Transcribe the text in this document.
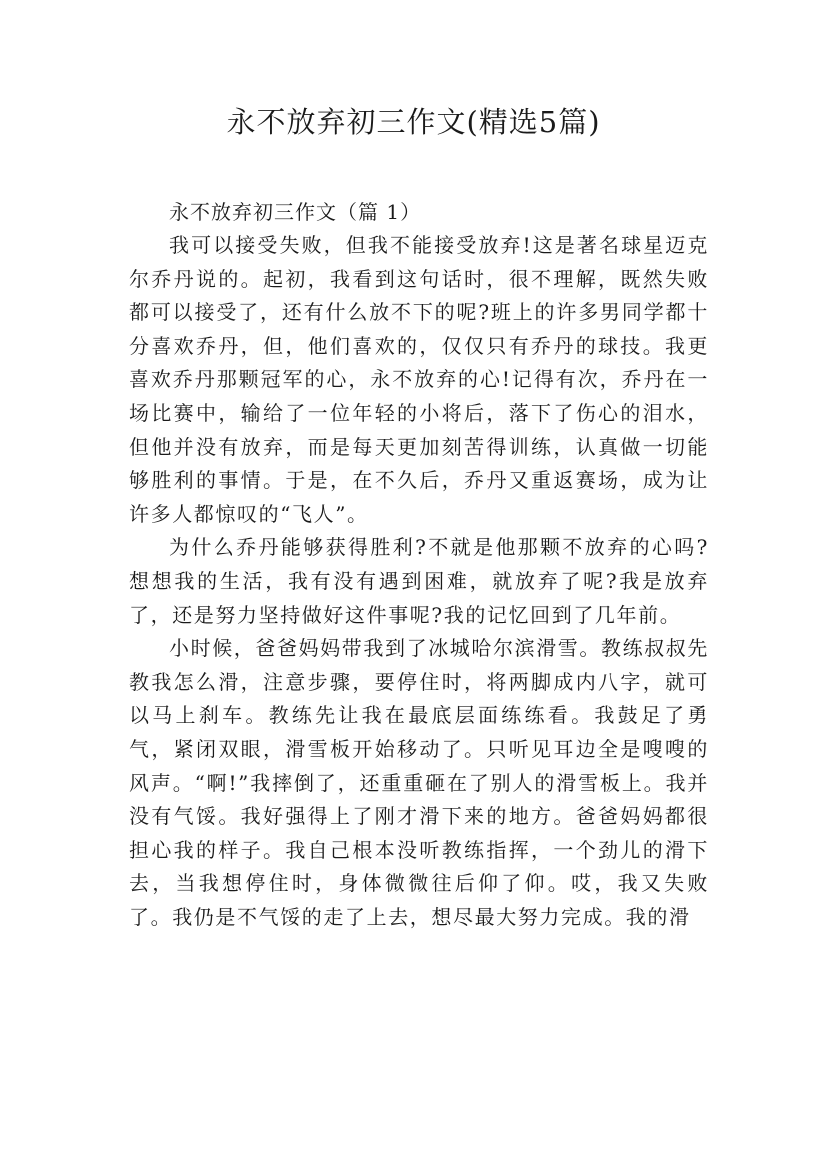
永不放弃初三作文(精选5篇)
永不放弃初三作文（篇 1）

我可以接受失败，但我不能接受放弃!这是著名球星迈克尔乔丹说的。起初，我看到这句话时，很不理解，既然失败都可以接受了，还有什么放不下的呢?班上的许多男同学都十分喜欢乔丹，但，他们喜欢的，仅仅只有乔丹的球技。我更喜欢乔丹那颗冠军的心，永不放弃的心!记得有次，乔丹在一场比赛中，输给了一位年轻的小将后，落下了伤心的泪水，但他并没有放弃，而是每天更加刻苦得训练，认真做一切能够胜利的事情。于是，在不久后，乔丹又重返赛场，成为让许多人都惊叹的“飞人”。

为什么乔丹能够获得胜利?不就是他那颗不放弃的心吗?想想我的生活，我有没有遇到困难，就放弃了呢?我是放弃了，还是努力坚持做好这件事呢?我的记忆回到了几年前。

小时候，爸爸妈妈带我到了冰城哈尔滨滑雪。教练叔叔先教我怎么滑，注意步骤，要停住时，将两脚成内八字，就可以马上刹车。教练先让我在最底层面练练看。我鼓足了勇气，紧闭双眼，滑雪板开始移动了。只听见耳边全是嗖嗖的风声。“啊!”我摔倒了，还重重砸在了别人的滑雪板上。我并没有气馁。我好强得上了刚才滑下来的地方。爸爸妈妈都很担心我的样子。我自己根本没听教练指挥，一个劲儿的滑下去，当我想停住时，身体微微往后仰了仰。哎，我又失败了。我仍是不气馁的走了上去，想尽最大努力完成。我的滑
